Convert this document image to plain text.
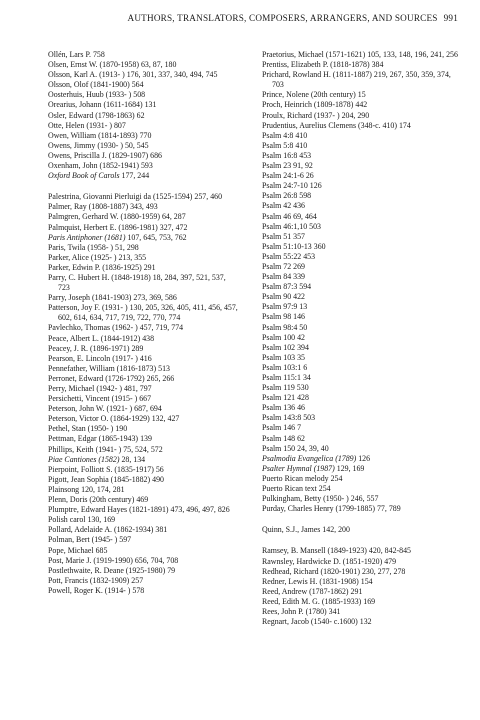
AUTHORS, TRANSLATORS, COMPOSERS, ARRANGERS, AND SOURCES 991
Ollén, Lars P. 758
Olsen, Ernst W. (1870-1958) 63, 87, 180
Olsson, Karl A. (1913- ) 176, 301, 337, 340, 494, 745
Olsson, Olof (1841-1900) 564
Oosterhuis, Huub (1933- ) 508
Orearius, Johann (1611-1684) 131
Osler, Edward (1798-1863) 62
Otte, Helen (1931- ) 807
Owen, William (1814-1893) 770
Owens, Jimmy (1930- ) 50, 545
Owens, Priscilla J. (1829-1907) 686
Oxenham, John (1852-1941) 593
Oxford Book of Carols 177, 244
Palestrina, Giovanni Pierluigi da (1525-1594) 257, 460
Palmer, Ray (1808-1887) 343, 493
Palmgren, Gerhard W. (1880-1959) 64, 287
Palmquist, Herbert E. (1896-1981) 327, 472
Paris Antiphoner (1681) 107, 645, 753, 762
Paris, Twila (1958- ) 51, 298
Parker, Alice (1925- ) 213, 355
Parker, Edwin P. (1836-1925) 291
Parry, C. Hubert H. (1848-1918) 18, 284, 397, 521, 537, 723
Parry, Joseph (1841-1903) 273, 369, 586
Patterson, Joy F. (1931- ) 130, 205, 326, 405, 411, 456, 457, 602, 614, 634, 717, 719, 722, 770, 774
Pavlechko, Thomas (1962- ) 457, 719, 774
Peace, Albert L. (1844-1912) 438
Peacey, J. R. (1896-1971) 289
Pearson, E. Lincoln (1917- ) 416
Pennefather, William (1816-1873) 513
Perronet, Edward (1726-1792) 265, 266
Perry, Michael (1942- ) 481, 797
Persichetti, Vincent (1915- ) 667
Peterson, John W. (1921- ) 687, 694
Peterson, Victor O. (1864-1929) 132, 427
Pethel, Stan (1950- ) 190
Pettman, Edgar (1865-1943) 139
Phillips, Keith (1941- ) 75, 524, 572
Piae Cantiones (1582) 28, 134
Pierpoint, Folliott S. (1835-1917) 56
Pigott, Jean Sophia (1845-1882) 490
Plainsong 120, 174, 281
Plenn, Doris (20th century) 469
Plumptre, Edward Hayes (1821-1891) 473, 496, 497, 826
Polish carol 130, 169
Pollard, Adelaide A. (1862-1934) 381
Polman, Bert (1945- ) 597
Pope, Michael 685
Post, Marie J. (1919-1990) 656, 704, 708
Postlethwaite, R. Deane (1925-1980) 79
Pott, Francis (1832-1909) 257
Powell, Roger K. (1914- ) 578
Praetorius, Michael (1571-1621) 105, 133, 148, 196, 241, 256
Prentiss, Elizabeth P. (1818-1878) 384
Prichard, Rowland H. (1811-1887) 219, 267, 350, 359, 374, 703
Prince, Nolene (20th century) 15
Proch, Heinrich (1809-1878) 442
Proulx, Richard (1937- ) 204, 290
Prudentius, Aurelius Clemens (348-c. 410) 174
Psalm 4:8 410
Psalm 5:8 410
Psalm 16:8 453
Psalm 23 91, 92
Psalm 24:1-6 26
Psalm 24:7-10 126
Psalm 26:8 598
Psalm 42 436
Psalm 46 69, 464
Psalm 46:1,10 503
Psalm 51 357
Psalm 51:10-13 360
Psalm 55:22 453
Psalm 72 269
Psalm 84 339
Psalm 87:3 594
Psalm 90 422
Psalm 97:9 13
Psalm 98 146
Psalm 98:4 50
Psalm 100 42
Psalm 102 394
Psalm 103 35
Psalm 103:1 6
Psalm 115:1 34
Psalm 119 530
Psalm 121 428
Psalm 136 46
Psalm 143:8 503
Psalm 146 7
Psalm 148 62
Psalm 150 24, 39, 40
Psalmodia Evangelica (1789) 126
Psalter Hymnal (1987) 129, 169
Puerto Rican melody 254
Puerto Rican text 254
Pulkingham, Betty (1950- ) 246, 557
Purday, Charles Henry (1799-1885) 77, 789
Quinn, S.J., James 142, 200
Ramsey, B. Mansell (1849-1923) 420, 842-845
Rawnsley, Hardwicke D. (1851-1920) 479
Redhead, Richard (1820-1901) 230, 277, 278
Redner, Lewis H. (1831-1908) 154
Reed, Andrew (1787-1862) 291
Reed, Edith M. G. (1885-1933) 169
Rees, John P. (1780) 341
Regnart, Jacob (1540- c.1600) 132
